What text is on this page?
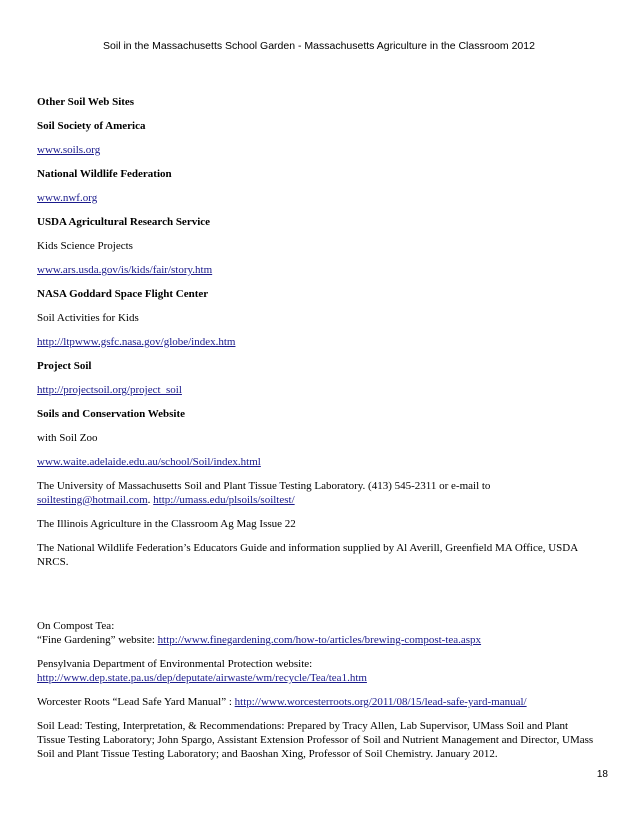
Soil in the Massachusetts School Garden - Massachusetts Agriculture in the Classroom 2012

Other Soil Web Sites

Soil Society of America

www.soils.org

National Wildlife Federation

www.nwf.org

USDA Agricultural Research Service

Kids Science Projects

www.ars.usda.gov/is/kids/fair/story.htm

NASA Goddard Space Flight Center

Soil Activities for Kids

http://ltpwww.gsfc.nasa.gov/globe/index.htm

Project Soil

http://projectsoil.org/project_soil

Soils and Conservation Website

with Soil Zoo

www.waite.adelaide.edu.au/school/Soil/index.html

The University of Massachusetts Soil and Plant Tissue Testing Laboratory. (413) 545-2311 or e-mail to soiltesting@hotmail.com. http://umass.edu/plsoils/soiltest/

The Illinois Agriculture in the Classroom Ag Mag Issue 22

The National Wildlife Federation’s Educators Guide and information supplied by Al Averill, Greenfield MA Office, USDA NRCS.

On Compost Tea:
“Fine Gardening” website: http://www.finegardening.com/how-to/articles/brewing-compost-tea.aspx

Pensylvania Department of Environmental Protection website: http://www.dep.state.pa.us/dep/deputate/airwaste/wm/recycle/Tea/tea1.htm

Worcester Roots “Lead Safe Yard Manual” : http://www.worcesterroots.org/2011/08/15/lead-safe-yard-manual/

Soil Lead: Testing, Interpretation, & Recommendations: Prepared by Tracy Allen, Lab Supervisor, UMass Soil and Plant Tissue Testing Laboratory; John Spargo, Assistant Extension Professor of Soil and Nutrient Management and Director, UMass Soil and Plant Tissue Testing Laboratory; and Baoshan Xing, Professor of Soil Chemistry. January 2012.

18
